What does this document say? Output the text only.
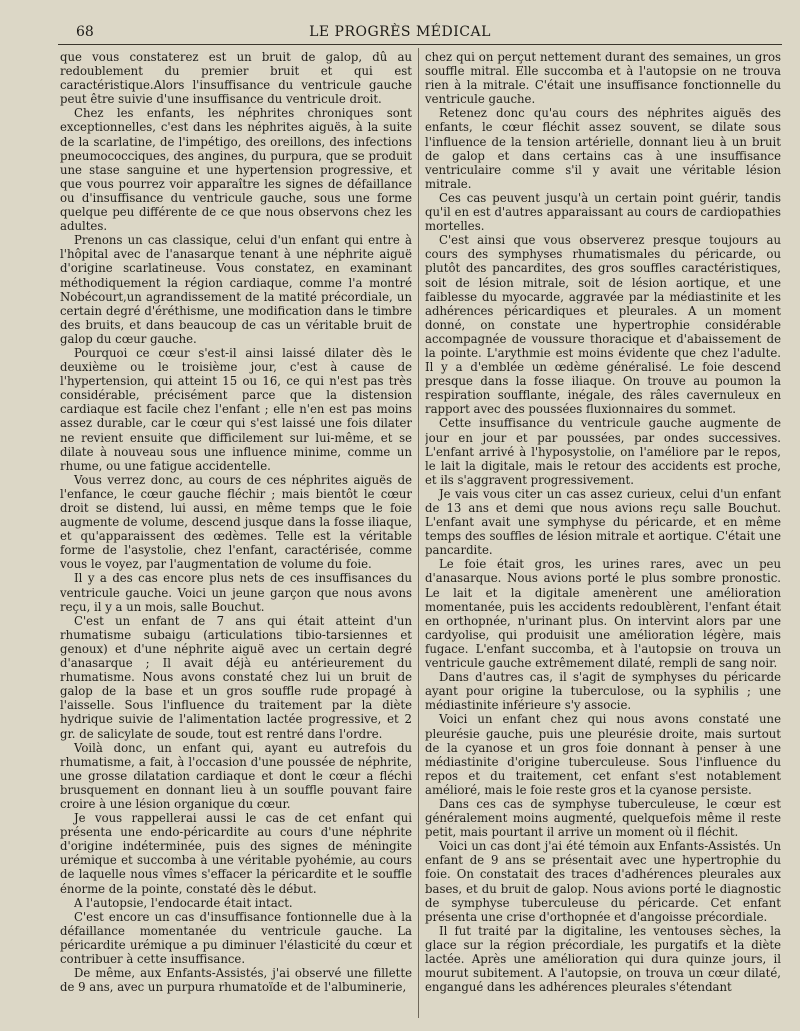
68	LE PROGRÈS MÉDICAL

que vous constaterez est un bruit de galop, dû au redoublement du premier bruit et qui est caractéristique.Alors l'insuffisance du ventricule gauche peut être suivie d'une insuffisance du ventricule droit.

Chez les enfants, les néphrites chroniques sont exceptionnelles, c'est dans les néphrites aiguës, à la suite de la scarlatine, de l'impétigo, des oreillons, des infections pneumococciques, des angines, du purpura, que se produit une stase sanguine et une hypertension progressive, et que vous pourrez voir apparaître les signes de défaillance ou d'insuffisance du ventricule gauche, sous une forme quelque peu différente de ce que nous observons chez les adultes.

Prenons un cas classique, celui d'un enfant qui entre à l'hôpital avec de l'anasarque tenant à une néphrite aiguë d'origine scarlatineuse. Vous constatez, en examinant méthodiquement la région cardiaque, comme l'a montré Nobécourt,un agrandissement de la matité précordiale, un certain degré d'éréthisme, une modification dans le timbre des bruits, et dans beaucoup de cas un véritable bruit de galop du cœur gauche.

Pourquoi ce cœur s'est-il ainsi laissé dilater dès le deuxième ou le troisième jour, c'est à cause de l'hypertension, qui atteint 15 ou 16, ce qui n'est pas très considérable, précisément parce que la distension cardiaque est facile chez l'enfant ; elle n'en est pas moins assez durable, car le cœur qui s'est laissé une fois dilater ne revient ensuite que difficilement sur lui-même, et se dilate à nouveau sous une influence minime, comme un rhume, ou une fatigue accidentelle.

Vous verrez donc, au cours de ces néphrites aiguës de l'enfance, le cœur gauche fléchir ; mais bientôt le cœur droit se distend, lui aussi, en même temps que le foie augmente de volume, descend jusque dans la fosse iliaque, et qu'apparaissent des œdèmes. Telle est la véritable forme de l'asystolie, chez l'enfant, caractérisée, comme vous le voyez, par l'augmentation de volume du foie.

Il y a des cas encore plus nets de ces insuffisances du ventricule gauche. Voici un jeune garçon que nous avons reçu, il y a un mois, salle Bouchut.

C'est un enfant de 7 ans qui était atteint d'un rhumatisme subaigu (articulations tibio-tarsiennes et genoux) et d'une néphrite aiguë avec un certain degré d'anasarque ; Il avait déjà eu antérieurement du rhumatisme. Nous avons constaté chez lui un bruit de galop de la base et un gros souffle rude propagé à l'aisselle. Sous l'influence du traitement par la diète hydrique suivie de l'alimentation lactée progressive, et 2 gr. de salicylate de soude, tout est rentré dans l'ordre.

Voilà donc, un enfant qui, ayant eu autrefois du rhumatisme, a fait, à l'occasion d'une poussée de néphrite, une grosse dilatation cardiaque et dont le cœur a fléchi brusquement en donnant lieu à un souffle pouvant faire croire à une lésion organique du cœur.

Je vous rappellerai aussi le cas de cet enfant qui présenta une endo-péricardite au cours d'une néphrite d'origine indéterminée, puis des signes de méningite urémique et succomba à une véritable pyohémie, au cours de laquelle nous vîmes s'effacer la péricardite et le souffle énorme de la pointe, constaté dès le début.

A l'autopsie, l'endocarde était intact.

C'est encore un cas d'insuffisance fontionnelle due à la défaillance momentanée du ventricule gauche. La péricardite urémique a pu diminuer l'élasticité du cœur et contribuer à cette insuffisance.

De même, aux Enfants-Assistés, j'ai observé une fillette de 9 ans, avec un purpura rhumatoïde et de l'albuminerie,

chez qui on perçut nettement durant des semaines, un gros souffle mitral. Elle succomba et à l'autopsie on ne trouva rien à la mitrale. C'était une insuffisance fonctionnelle du ventricule gauche.

Retenez donc qu'au cours des néphrites aiguës des enfants, le cœur fléchit assez souvent, se dilate sous l'influence de la tension artérielle, donnant lieu à un bruit de galop et dans certains cas à une insuffisance ventriculaire comme s'il y avait une véritable lésion mitrale.

Ces cas peuvent jusqu'à un certain point guérir, tandis qu'il en est d'autres apparaissant au cours de cardiopathies mortelles.

C'est ainsi que vous observerez presque toujours au cours des symphyses rhumatismales du péricarde, ou plutôt des pancardites, des gros souffles caractéristiques, soit de lésion mitrale, soit de lésion aortique, et une faiblesse du myocarde, aggravée par la médiastinite et les adhérences péricardiques et pleurales. A un moment donné, on constate une hypertrophie considérable accompagnée de voussure thoracique et d'abaissement de la pointe. L'arythmie est moins évidente que chez l'adulte. Il y a d'emblée un œdème généralisé. Le foie descend presque dans la fosse iliaque. On trouve au poumon la respiration soufflante, inégale, des râles cavernuleux en rapport avec des poussées fluxionnaires du sommet.

Cette insuffisance du ventricule gauche augmente de jour en jour et par poussées, par ondes successives. L'enfant arrivé à l'hyposystolie, on l'améliore par le repos, le lait la digitale, mais le retour des accidents est proche, et ils s'aggravent progressivement.

Je vais vous citer un cas assez curieux, celui d'un enfant de 13 ans et demi que nous avions reçu salle Bouchut. L'enfant avait une symphyse du péricarde, et en même temps des souffles de lésion mitrale et aortique. C'était une pancardite.

Le foie était gros, les urines rares, avec un peu d'anasarque. Nous avions porté le plus sombre pronostic. Le lait et la digitale amenèrent une amélioration momentanée, puis les accidents redoublèrent, l'enfant était en orthopnée, n'urinant plus. On intervint alors par une cardyolise, qui produisit une amélioration légère, mais fugace. L'enfant succomba, et à l'autopsie on trouva un ventricule gauche extrêmement dilaté, rempli de sang noir.

Dans d'autres cas, il s'agit de symphyses du péricarde ayant pour origine la tuberculose, ou la syphilis ; une médiastinite inférieure s'y associe.

Voici un enfant chez qui nous avons constaté une pleurésie gauche, puis une pleurésie droite, mais surtout de la cyanose et un gros foie donnant à penser à une médiastinite d'origine tuberculeuse. Sous l'influence du repos et du traitement, cet enfant s'est notablement amélioré, mais le foie reste gros et la cyanose persiste.

Dans ces cas de symphyse tuberculeuse, le cœur est généralement moins augmenté, quelquefois même il reste petit, mais pourtant il arrive un moment où il fléchit.

Voici un cas dont j'ai été témoin aux Enfants-Assistés. Un enfant de 9 ans se présentait avec une hypertrophie du foie. On constatait des traces d'adhérences pleurales aux bases, et du bruit de galop. Nous avions porté le diagnostic de symphyse tuberculeuse du péricarde. Cet enfant présenta une crise d'orthopnée et d'angoisse précordiale.

Il fut traité par la digitaline, les ventouses sèches, la glace sur la région précordiale, les purgatifs et la diète lactée. Après une amélioration qui dura quinze jours, il mourut subitement. A l'autopsie, on trouva un cœur dilaté, engangué dans les adhérences pleurales s'étendant
